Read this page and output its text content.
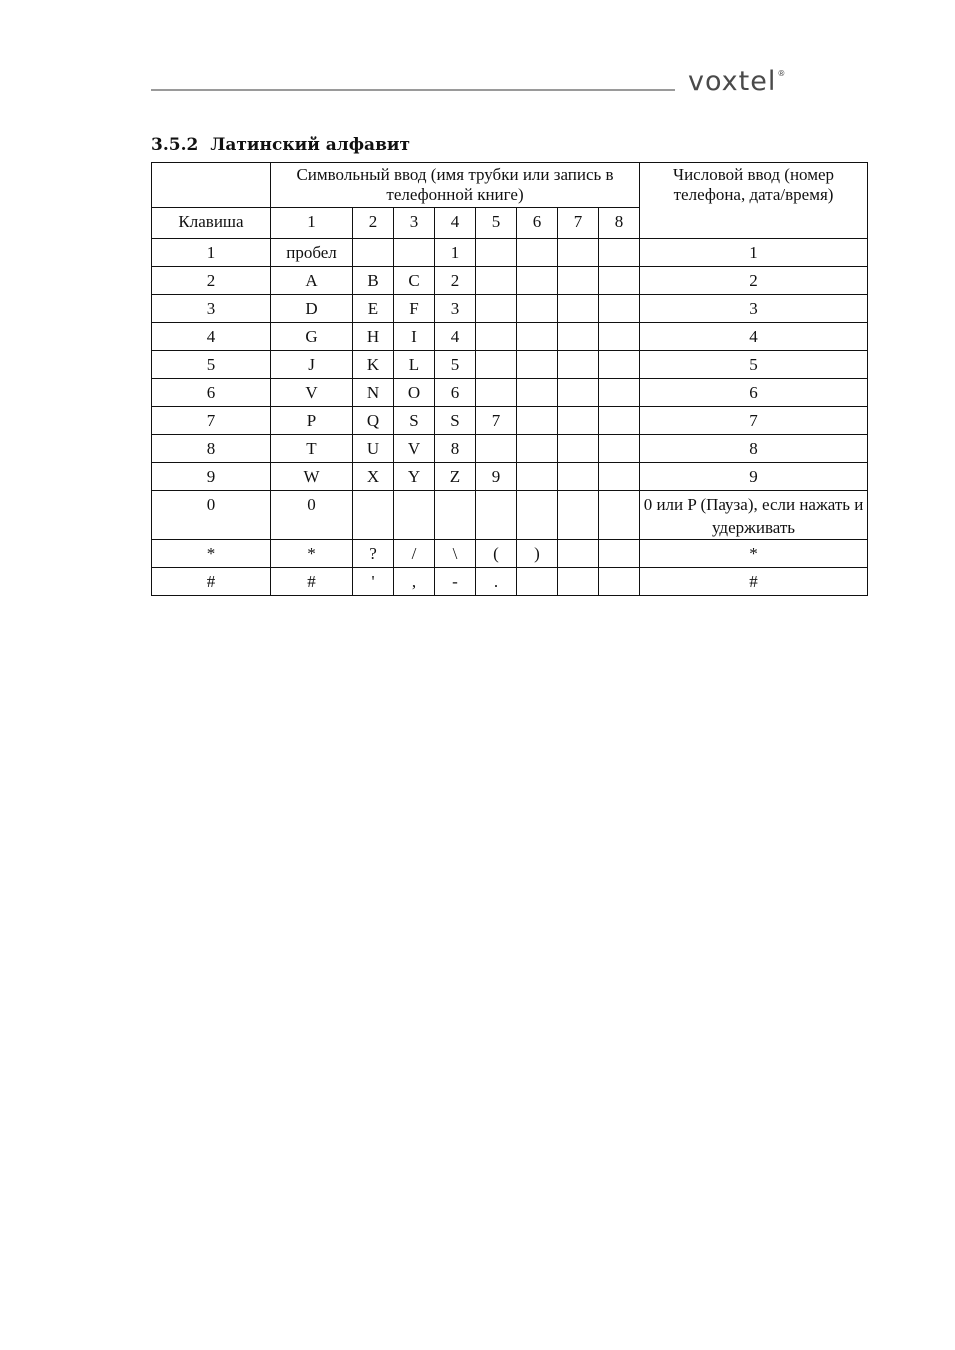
voxtel®
3.5.2 Латинский алфавит
	Символьный ввод (имя трубки или запись в телефонной книге)								Числовой ввод (номер телефона, дата/время)
Клавиша	1	2	3	4	5	6	7	8	
1	пробел			1					1
2	A	B	C	2					2
3	D	E	F	3					3
4	G	H	I	4					4
5	J	K	L	5					5
6	V	N	O	6					6
7	P	Q	S	S	7				7
8	T	U	V	8					8
9	W	X	Y	Z	9				9
0	0								0 или P (Пауза), если нажать и удерживать
*	*	?	/	\	(	)			*
#	#	'	,	-	.				#
